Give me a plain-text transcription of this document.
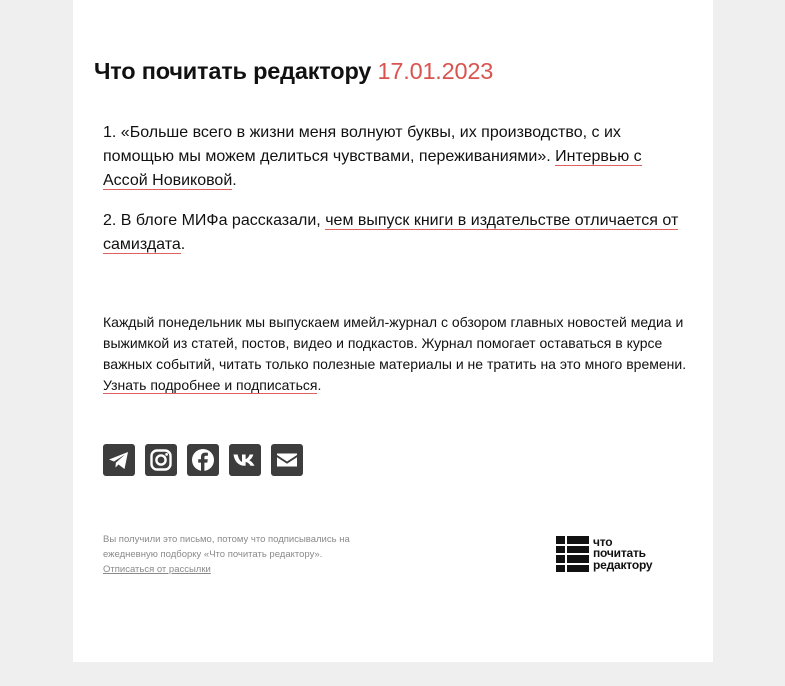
Что почитать редактору 17.01.2023

1. «Больше всего в жизни меня волнуют буквы, их производство, с их помощью мы можем делиться чувствами, переживаниями». Интервью с Ассой Новиковой.

2. В блоге МИФа рассказали, чем выпуск книги в издательстве отличается от самиздата.

Каждый понедельник мы выпускаем имейл-журнал с обзором главных новостей медиа и выжимкой из статей, постов, видео и подкастов. Журнал помогает оставаться в курсе важных событий, читать только полезные материалы и не тратить на это много времени. Узнать подробнее и подписаться.

Вы получили это письмо, потому что подписывались на ежедневную подборку «Что почитать редактору».
Отписаться от рассылки

что
почитать
редактору
